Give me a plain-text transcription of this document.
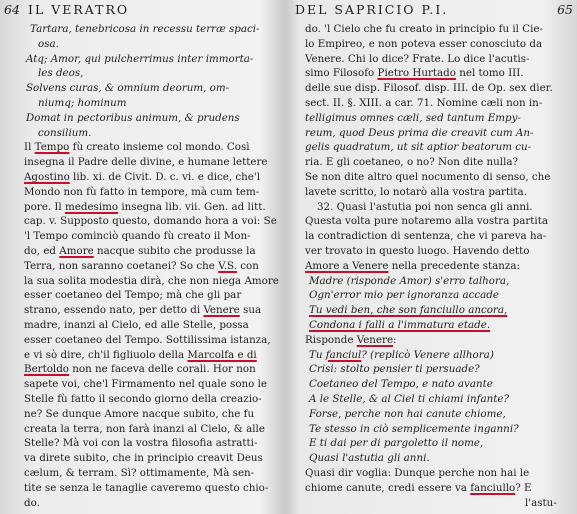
64 IL VERATRO
Tartara, tenebricosa in recessu terræ spaci-
osa.
Atq; Amor, qui pulcherrimus inter immorta-
les deos,
Solvens curas, & omnium deorum, om-
niumq; hominum
Domat in pectoribus animum, & prudens
consilium.
Il Tempo fù creato insieme col mondo. Così
insegna il Padre delle divine, e humane lettere
Agostino lib. xi. de Civit. D. c. vi. e dice, che'l
Mondo non fù fatto in tempore, mà cum tem-
pore. Il medesimo insegna lib. vii. Gen. ad litt.
cap. v. Supposto questo, domando hora a voi: Se
'l Tempo cominciò quando fù creato il Mon-
do, ed Amore nacque subito che produsse la
Terra, non saranno coetanei? So che V.S. con
la sua solita modestia dirà, che non niega Amore
esser coetaneo del Tempo; mà che gli par
strano, essendo nato, per detto di Venere sua
madre, inanzi al Cielo, ed alle Stelle, possa
esser coetaneo del Tempo. Sottilissima istanza,
e vi sò dire, ch'il figliuolo della Marcolfa e di
Bertoldo non ne faceva delle corali. Hor non
sapete voi, che'l Firmamento nel quale sono le
Stelle fù fatto il secondo giorno della creazio-
ne? Se dunque Amore nacque subito, che fu
creata la terra, non farà inanzi al Cielo, & alle
Stelle? Mà voi con la vostra filosofia astratti-
va direte subito, che in principio creavit Deus
cælum, & terram. Sì? ottimamente, Mà sen-
tite se senza le tanaglie caveremo questo chio-
do.
DEL SAPRICIO P.I.	65
do. 'l Cielo che fu creato in principio fu il Cie-
lo Empireo, e non poteva esser conosciuto da
Venere. Chi lo dice? Frate. Lo dice l'acutis-
simo Filosofo Pietro Hurtado nel tomo III.
delle sue disp. Filosof. disp. III. de Op. sex dier.
sect. II. §. XIII. a car. 71. Nomine cæli non in-
telligimus omnes cæli, sed tantum Empy-
reum, quod Deus prima die creavit cum An-
gelis quadratum, ut sit aptior beatorum cu-
ria. E gli coetaneo, o no? Non dite nulla?
Se non dite altro quel nocumento di senso, che
lavete scritto, lo notarò alla vostra partita.
32. Quasi l'astutia poi non senca gli anni.
Questa volta pure notaremo alla vostra partita
la contradiction di sentenza, che vi pareva ha-
ver trovato in questo luogo. Havendo detto
Amore a Venere nella precedente stanza:
Madre (risponde Amor) s'erro talhora,
Ogn'error mio per ignoranza accade
Tu vedi ben, che son fanciullo ancora,
Condona i falli a l'immatura etade.
Risponde Venere:
Tu fanciul? (replicò Venere allhora)
Crisi: stolto pensier ti persuade?
Coetaneo del Tempo, e nato avante
A le Stelle, & al Ciel ti chiami infante?
Forse, perche non hai canute chiome,
Te stesso in ciò semplicemente inganni?
E ti dai per di pargoletto il nome,
Quasi l'astutia gli anni.
Quasi dir voglia: Dunque perche non hai le
chiome canute, credi essere va fanciullo? E
l'astu-
